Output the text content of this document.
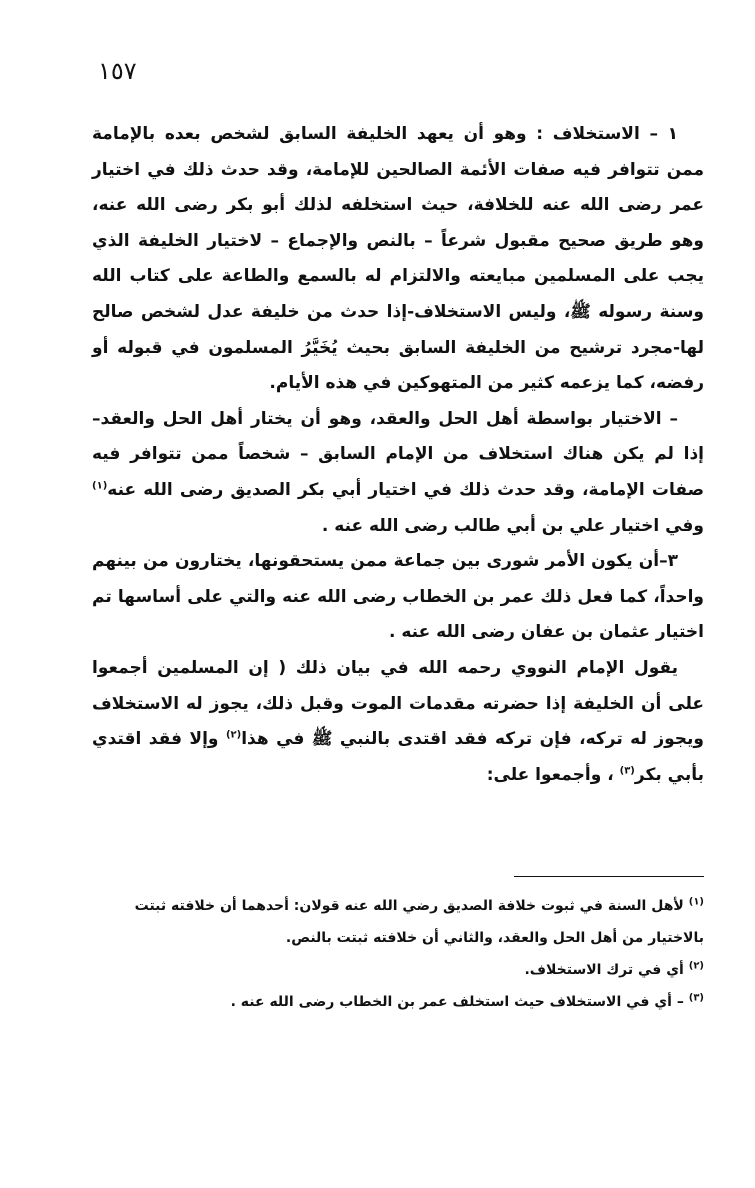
١٥٧

١ – الاستخلاف : وهو أن يعهد الخليفة السابق لشخص بعده بالإمامة ممن تتوافر فيه صفات الأئمة الصالحين للإمامة، وقد حدث ذلك في اختيار عمر رضى الله عنه للخلافة، حيث استخلفه لذلك أبو بكر رضى الله عنه، وهو طريق صحيح مقبول شرعاً – بالنص والإجماع – لاختيار الخليفة الذي يجب على المسلمين مبايعته والالتزام له بالسمع والطاعة على كتاب الله وسنة رسوله ﷺ، وليس الاستخلاف-إذا حدث من خليفة عدل لشخص صالح لها-مجرد ترشيح من الخليفة السابق بحيث يُخَيَّرُ المسلمون في قبوله أو رفضه، كما يزعمه كثير من المتهوكين في هذه الأيام.

– الاختيار بواسطة أهل الحل والعقد، وهو أن يختار أهل الحل والعقد– إذا لم يكن هناك استخلاف من الإمام السابق – شخصاً ممن تتوافر فيه صفات الإمامة، وقد حدث ذلك في اختيار أبي بكر الصديق رضى الله عنه$^{(١)}$ وفي اختيار علي بن أبي طالب رضى الله عنه .

٣–أن يكون الأمر شورى بين جماعة ممن يستحقونها، يختارون من بينهم واحداً، كما فعل ذلك عمر بن الخطاب رضى الله عنه والتي على أساسها تم اختيار عثمان بن عفان رضى الله عنه .

يقول الإمام النووي رحمه الله في بيان ذلك ( إن المسلمين أجمعوا على أن الخليفة إذا حضرته مقدمات الموت وقبل ذلك، يجوز له الاستخلاف ويجوز له تركه، فإن تركه فقد اقتدى بالنبي ﷺ في هذا$^{(٢)}$ وإلا فقد اقتدي بأبي بكر$^{(٣)}$ ، وأجمعوا على:

$^{(١)}$ لأهل السنة في ثبوت خلافة الصديق رضي الله عنه قولان: أحدهما أن خلافته ثبتت بالاختيار من أهل الحل والعقد، والثاني أن خلافته ثبتت بالنص.

$^{(٢)}$ أي في ترك الاستخلاف.

$^{(٣)}$ – أي في الاستخلاف حيث استخلف عمر بن الخطاب رضى الله عنه .
